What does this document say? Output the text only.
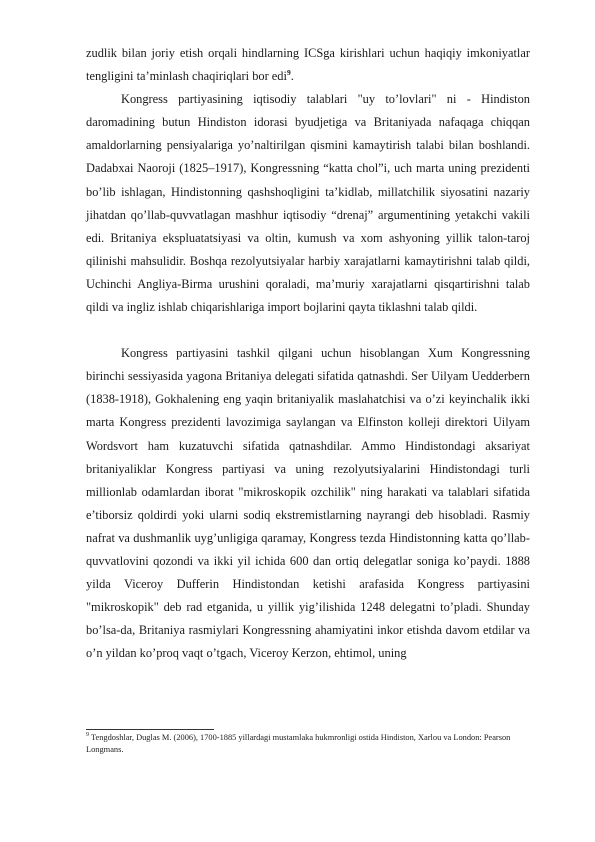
zudlik bilan joriy etish orqali hindlarning ICSga kirishlari uchun haqiqiy imkoniyatlar tengligini ta’minlash chaqiriqlari bor edi$^9$.

Kongress partiyasining iqtisodiy talablari "uy to’lovlari" ni - Hindiston daromadining butun Hindiston idorasi byudjetiga va Britaniyada nafaqaga chiqqan amaldorlarning pensiyalariga yo’naltirilgan qismini kamaytirish talabi bilan boshlandi. Dadabxai Naoroji (1825–1917), Kongressning “katta chol”i, uch marta uning prezidenti bo’lib ishlagan, Hindistonning qashshoqligini ta’kidlab, millatchilik siyosatini nazariy jihatdan qo’llab-quvvatlagan mashhur iqtisodiy “drenaj” argumentining yetakchi vakili edi. Britaniya ekspluatatsiyasi va oltin, kumush va xom ashyoning yillik talon-taroj qilinishi mahsulidir. Boshqa rezolyutsiyalar harbiy xarajatlarni kamaytirishni talab qildi, Uchinchi Angliya-Birma urushini qoraladi, ma’muriy xarajatlarni qisqartirishni talab qildi va ingliz ishlab chiqarishlariga import bojlarini qayta tiklashni talab qildi.

Kongress partiyasini tashkil qilgani uchun hisoblangan Xum Kongressning birinchi sessiyasida yagona Britaniya delegati sifatida qatnashdi. Ser Uilyam Uedderbern (1838-1918), Gokhalening eng yaqin britaniyalik maslahatchisi va o’zi keyinchalik ikki marta Kongress prezidenti lavozimiga saylangan va Elfinston kolleji direktori Uilyam Wordsvort ham kuzatuvchi sifatida qatnashdilar. Ammo Hindistondagi aksariyat britaniyaliklar Kongress partiyasi va uning rezolyutsiyalarini Hindistondagi turli millionlab odamlardan iborat "mikroskopik ozchilik" ning harakati va talablari sifatida e’tiborsiz qoldirdi yoki ularni sodiq ekstremistlarning nayrangi deb hisobladi. Rasmiy nafrat va dushmanlik uyg’unligiga qaramay, Kongress tezda Hindistonning katta qo’llab-quvvatlovini qozondi va ikki yil ichida 600 dan ortiq delegatlar soniga ko’paydi. 1888 yilda Viceroy Dufferin Hindistondan ketishi arafasida Kongress partiyasini "mikroskopik" deb rad etganida, u yillik yig’ilishida 1248 delegatni to’pladi. Shunday bo’lsa-da, Britaniya rasmiylari Kongressning ahamiyatini inkor etishda davom etdilar va o’n yildan ko’proq vaqt o’tgach, Viceroy Kerzon, ehtimol, uning

$^9$ Tengdoshlar, Duglas M. (2006), 1700-1885 yillardagi mustamlaka hukmronligi ostida Hindiston, Xarlou va London: Pearson Longmans.
